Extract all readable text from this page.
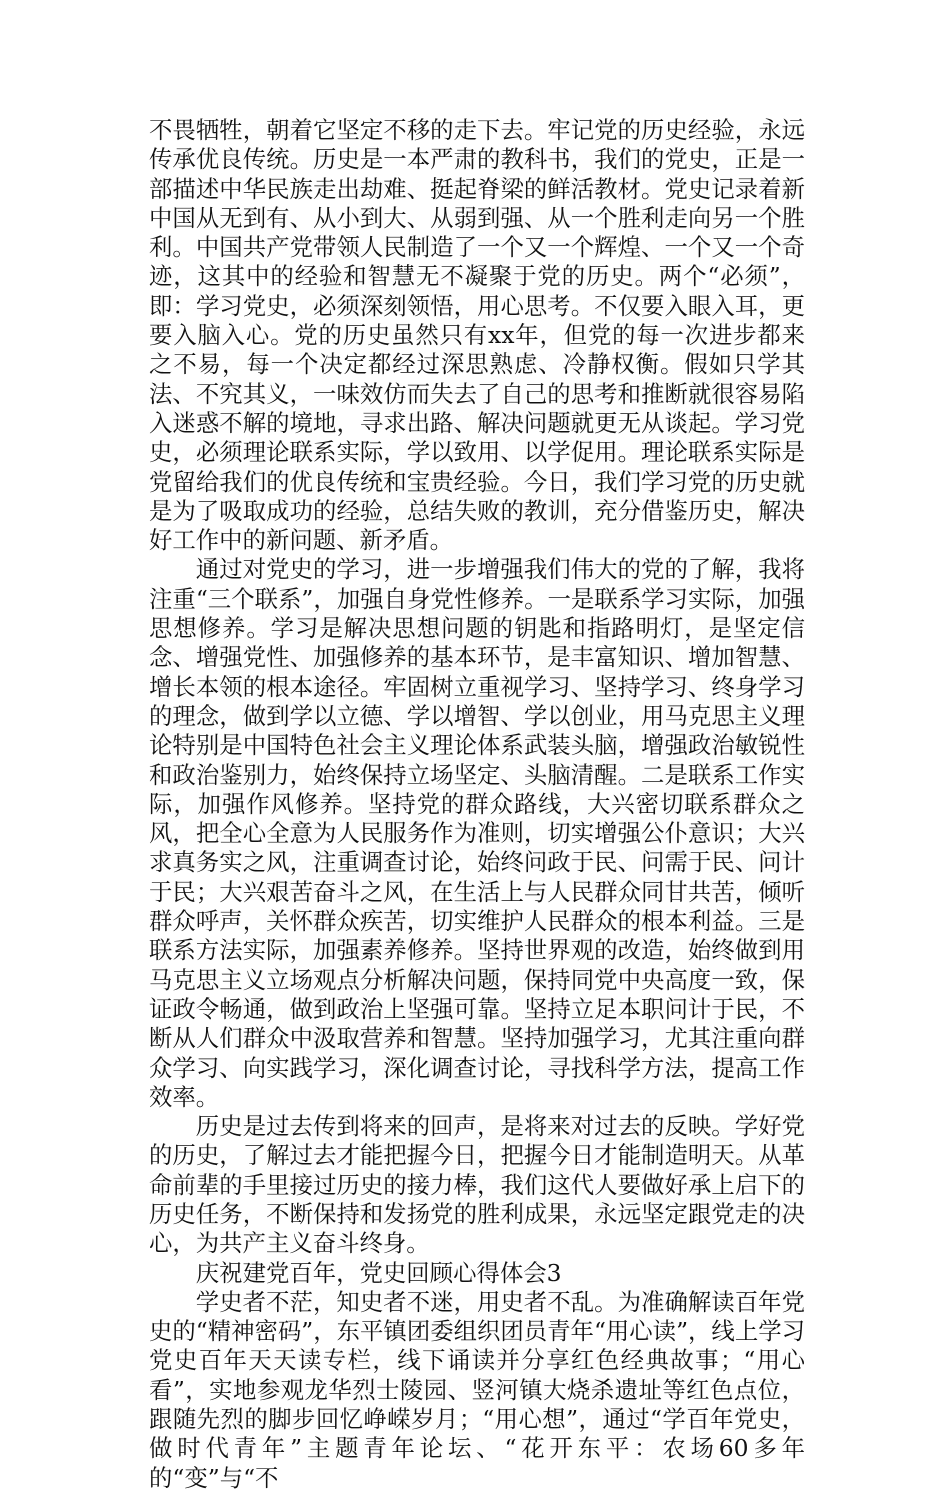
不畏牺牲，朝着它坚定不移的走下去。牢记党的历史经验，永远传承优良传统。历史是一本严肃的教科书，我们的党史，正是一部描述中华民族走出劫难、挺起脊梁的鲜活教材。党史记录着新中国从无到有、从小到大、从弱到强、从一个胜利走向另一个胜利。中国共产党带领人民制造了一个又一个辉煌、一个又一个奇迹，这其中的经验和智慧无不凝聚于党的历史。两个“必须”，即：学习党史，必须深刻领悟，用心思考。不仅要入眼入耳，更要入脑入心。党的历史虽然只有xx年，但党的每一次进步都来之不易，每一个决定都经过深思熟虑、冷静权衡。假如只学其法、不究其义，一味效仿而失去了自己的思考和推断就很容易陷入迷惑不解的境地，寻求出路、解决问题就更无从谈起。学习党史，必须理论联系实际，学以致用、以学促用。理论联系实际是党留给我们的优良传统和宝贵经验。今日，我们学习党的历史就是为了吸取成功的经验，总结失败的教训，充分借鉴历史，解决好工作中的新问题、新矛盾。

通过对党史的学习，进一步增强我们伟大的党的了解，我将注重“三个联系”，加强自身党性修养。一是联系学习实际，加强思想修养。学习是解决思想问题的钥匙和指路明灯，是坚定信念、增强党性、加强修养的基本环节，是丰富知识、增加智慧、增长本领的根本途径。牢固树立重视学习、坚持学习、终身学习的理念，做到学以立德、学以增智、学以创业，用马克思主义理论特别是中国特色社会主义理论体系武装头脑，增强政治敏锐性和政治鉴别力，始终保持立场坚定、头脑清醒。二是联系工作实际，加强作风修养。坚持党的群众路线，大兴密切联系群众之风，把全心全意为人民服务作为准则，切实增强公仆意识；大兴求真务实之风，注重调查讨论，始终问政于民、问需于民、问计于民；大兴艰苦奋斗之风，在生活上与人民群众同甘共苦，倾听群众呼声，关怀群众疾苦，切实维护人民群众的根本利益。三是联系方法实际，加强素养修养。坚持世界观的改造，始终做到用马克思主义立场观点分析解决问题，保持同党中央高度一致，保证政令畅通，做到政治上坚强可靠。坚持立足本职问计于民，不断从人们群众中汲取营养和智慧。坚持加强学习，尤其注重向群众学习、向实践学习，深化调查讨论，寻找科学方法，提高工作效率。

历史是过去传到将来的回声，是将来对过去的反映。学好党的历史，了解过去才能把握今日，把握今日才能制造明天。从革命前辈的手里接过历史的接力棒，我们这代人要做好承上启下的历史任务，不断保持和发扬党的胜利成果，永远坚定跟党走的决心，为共产主义奋斗终身。

庆祝建党百年，党史回顾心得体会3

学史者不茫，知史者不迷，用史者不乱。为准确解读百年党史的“精神密码”，东平镇团委组织团员青年“用心读”，线上学习党史百年天天读专栏，线下诵读并分享红色经典故事；“用心看”，实地参观龙华烈士陵园、竖河镇大烧杀遗址等红色点位，跟随先烈的脚步回忆峥嵘岁月；“用心想”，通过“学百年党史，做时代青年”主题青年论坛、“花开东平：农场60多年的“变”与“不
